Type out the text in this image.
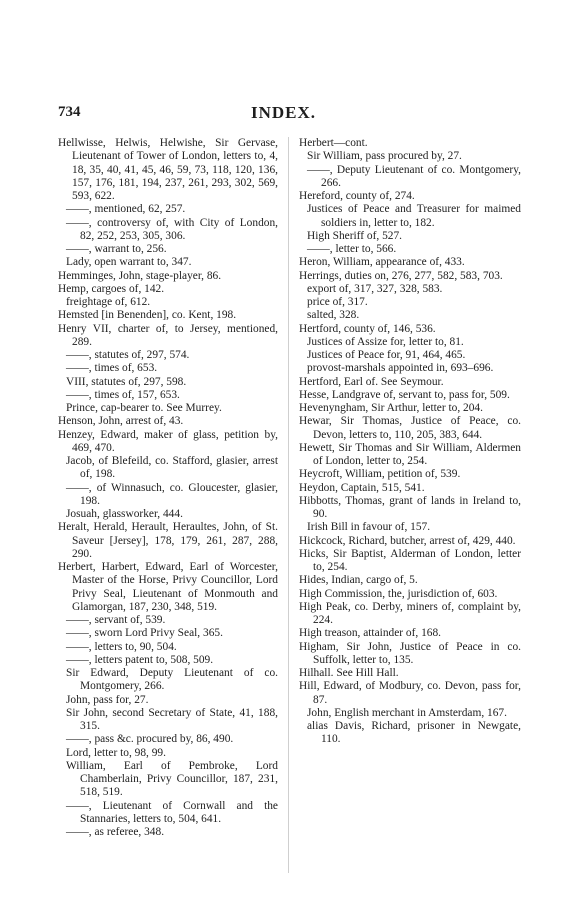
734	INDEX.
Hellwisse, Helwis, Helwishe, Sir Gervase, Lieutenant of Tower of London, letters to, 4, 18, 35, 40, 41, 45, 46, 59, 73, 118, 120, 136, 157, 176, 181, 194, 237, 261, 293, 302, 569, 593, 622.
——, mentioned, 62, 257.
——, controversy of, with City of London, 82, 252, 253, 305, 306.
——, warrant to, 256.
Lady, open warrant to, 347.
Hemminges, John, stage-player, 86.
Hemp, cargoes of, 142.
freightage of, 612.
Hemsted [in Benenden], co. Kent, 198.
Henry VII, charter of, to Jersey, mentioned, 289.
——, statutes of, 297, 574.
——, times of, 653.
VIII, statutes of, 297, 598.
——, times of, 157, 653.
Prince, cap-bearer to. See Murrey.
Henson, John, arrest of, 43.
Henzey, Edward, maker of glass, petition by, 469, 470.
Jacob, of Blefeild, co. Stafford, glasier, arrest of, 198.
——, of Winnasuch, co. Gloucester, glasier, 198.
Josuah, glassworker, 444.
Heralt, Herald, Herault, Heraultes, John, of St. Saveur [Jersey], 178, 179, 261, 287, 288, 290.
Herbert, Harbert, Edward, Earl of Worcester, Master of the Horse, Privy Councillor, Lord Privy Seal, Lieutenant of Monmouth and Glamorgan, 187, 230, 348, 519.
——, servant of, 539.
——, sworn Lord Privy Seal, 365.
——, letters to, 90, 504.
——, letters patent to, 508, 509.
Sir Edward, Deputy Lieutenant of co. Montgomery, 266.
John, pass for, 27.
Sir John, second Secretary of State, 41, 188, 315.
——, pass &c. procured by, 86, 490.
Lord, letter to, 98, 99.
William, Earl of Pembroke, Lord Chamberlain, Privy Councillor, 187, 231, 518, 519.
——, Lieutenant of Cornwall and the Stannaries, letters to, 504, 641.
——, as referee, 348.
Herbert—cont.
Sir William, pass procured by, 27.
——, Deputy Lieutenant of co. Montgomery, 266.
Hereford, county of, 274.
Justices of Peace and Treasurer for maimed soldiers in, letter to, 182.
High Sheriff of, 527.
——, letter to, 566.
Heron, William, appearance of, 433.
Herrings, duties on, 276, 277, 582, 583, 703.
export of, 317, 327, 328, 583.
price of, 317.
salted, 328.
Hertford, county of, 146, 536.
Justices of Assize for, letter to, 81.
Justices of Peace for, 91, 464, 465.
provost-marshals appointed in, 693–696.
Hertford, Earl of. See Seymour.
Hesse, Landgrave of, servant to, pass for, 509.
Hevenyngham, Sir Arthur, letter to, 204.
Hewar, Sir Thomas, Justice of Peace, co. Devon, letters to, 110, 205, 383, 644.
Hewett, Sir Thomas and Sir William, Aldermen of London, letter to, 254.
Heycroft, William, petition of, 539.
Heydon, Captain, 515, 541.
Hibbotts, Thomas, grant of lands in Ireland to, 90.
Irish Bill in favour of, 157.
Hickcock, Richard, butcher, arrest of, 429, 440.
Hicks, Sir Baptist, Alderman of London, letter to, 254.
Hides, Indian, cargo of, 5.
High Commission, the, jurisdiction of, 603.
High Peak, co. Derby, miners of, complaint by, 224.
High treason, attainder of, 168.
Higham, Sir John, Justice of Peace in co. Suffolk, letter to, 135.
Hilhall. See Hill Hall.
Hill, Edward, of Modbury, co. Devon, pass for, 87.
John, English merchant in Amsterdam, 167.
alias Davis, Richard, prisoner in Newgate, 110.
